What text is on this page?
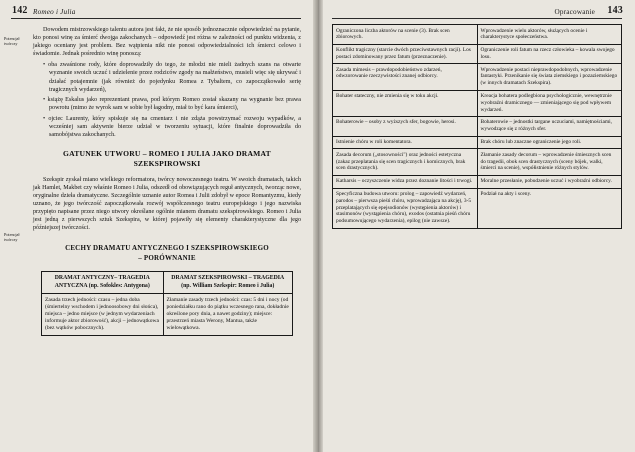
142 Romeo i Julia	Opracowanie 143
Potencjał twórczy
Potencjał twórczy

Dowodem mistrzowskiego talentu autora jest fakt, że nie sposób jednoznacznie odpowiedzieć na pytanie, kto ponosi winę za śmierć dwojga zakochanych – odpowiedź jest różna w zależności od punktu widzenia, z jakiego oceniany jest problem. Bez wątpienia nikt nie ponosi odpowiedzialności ich śmierci celowo i świadomie. Jednak pośrednio winę ponoszą:

• oba zwaśnione rody, które doprowadziły do tego, że młodzi nie mieli żadnych szans na otwarte wyznanie swoich uczuć i udzielenie przez rodziców zgody na małżeństwo, musieli więc się ukrywać i działać potajemnie (jak również do pojedynku Romea z Tybaltem, co zapoczątkowało serię tragicznych wydarzeń),
• książę Eskalus jako reprezentant prawa, pod którym Romeo został skazany na wygnanie bez prawa powrotu (mimo że wyrok sam w sobie był łagodny, miał to być kara śmierci),
• ojciec Laurenty, który spiskuje się na cmentarz i nie zdąża powstrzymać rozwoju wypadków, a wcześniej sam aktywnie bierze udział w tworzeniu sytuacji, które finalnie doprowadziła do samobójstwa zakochanych.
GATUNEK UTWORU – ROMEO I JULIA JAKO DRAMAT
SZEKSPIROWSKI

Szekspir zyskał miano wielkiego reformatora, twórcy nowoczesnego teatru. W swoich dramatach, takich jak Hamlet, Makbet czy właśnie Romeo i Julia, odszedł od obowiązujących reguł antycznych, tworząc nowe, oryginalne dzieła dramatyczne. Szczególnie uznanie autor Romea i Julii zdobył w epoce Romantyzmu, kiedy uznano, że jego twórczość zapoczątkowała rozwój współczesnego teatru europejskiego i jego nazwiska przypięto napisane przez niego utwory określane ogólnie mianem dramatu szekspirowskiego. Romeo i Julia jest jedną z pierwszych sztuk Szekspira, w której pojawiły się elementy charakterystyczne dla jego późniejszej twórczości.

CECHY DRAMATU ANTYCZNEGO I SZEKSPIROWSKIEGO
– PORÓWNANIE
DRAMAT ANTYCZNY– TRAGEDIA ANTYCZNA (np. Sofokles: Antygona)	DRAMAT SZEKSPIROWSKI – TRAGEDIA (np. William Szekspir: Romeo i Julia)
Zasada trzech jedności: czasu – jedna doba (śmiertelny wschodem i jednoosobowy dni słońca), miejsca – jedno miejsce (w jednym wydarzeniach informuje aktor zbiorowość), akcji – jednowątkowa (bez wątków pobocznych).	Złamanie zasady trzech jedności: czas: 5 dni i nocy (od poniedziałku rano do piątku wczesnego rana, dokładnie określone pory dnia, a nawet godziny); miejsce: przestrzeń miasta Werony, Mantua, także wielowątkowa.
Ograniczona liczba aktorów na scenie (3). Brak scen zbiorowych.	Wprowadzenie wielu aktorów, służących ocenie i charakterystyce społeczeństwa.
Konflikt tragiczny (starcie dwóch przeciwstawnych racji). Los postaci zdominowany przez fatum (przeznaczenie).	Ograniczenie roli fatum na rzecz człowieka – kowala swojego losu.
Zasada mimesis – prawdopodobieństwo zdarzeń, odwzorowanie rzeczywistości znanej odbiorcy.	Wprowadzenie postaci nieprawdopodobnych, wprowadzenie fantastyki. Przenikanie się świata ziemskiego i pozaziemskiego (w innych dramatach Szekspira).
Bohater stateczny, nie zmienia się w toku akcji.	Kreacja bohatera podlegbiona psychologicznie, wewnętrznie wyobraźni dramicznego — zmieniającego się pod wpływem wydarzeń.
Bohaterowie – osoby z wyższych sfer, bogowie, herosi.	Bohaterowie – jednostki targane uczuciami, namiętnościami, wywodzące się z różnych sfer.
Istnienie chóru w roli komentatora.	Brak chóru lub znaczne ograniczenie jego roli.
Zasada decorum („stosowności") oraz jedności estetyczna (zakaz przeplatania się scen tragicznych i komicznych, brak scen drastycznych).	Złamanie zasady decorum – wprowadzenie śmiesznych scen do tragedii, obok scen drastycznych (sceny bójek, walki, śmierci na scenie), współistnienie różnych stylów.
Katharsis – oczyszczenie widza przez doznanie litości i trwogi.	Moralne przesłanie, pobudzenie uczuć i wyobraźni odbiorcy.
Specyficzna budowa utworu: prolog – zapowiedź wydarzeń, parodos – pierwsza pieśń chóru, wprowadzająca na akcję), 3-5 przeplatających się epejsodionów (występienia aktorów) i stasimonów (wystąpienia chóru), exodos (ostatnia pieśń chóru podsumowującego wydarzenia), epilog (nie zawsze).	Podział na akty i sceny.
